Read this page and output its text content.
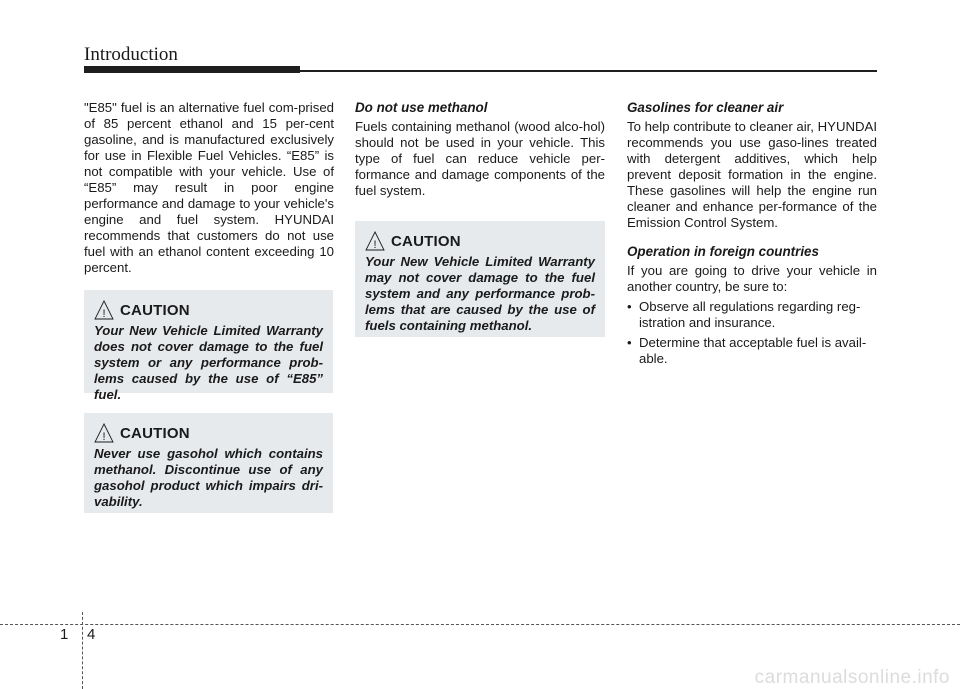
Introduction

"E85" fuel is an alternative fuel com-prised of 85 percent ethanol and 15 per-cent gasoline, and is manufactured exclusively for use in Flexible Fuel Vehicles. “E85” is not compatible with your vehicle. Use of “E85” may result in poor engine performance and damage to your vehicle's engine and fuel system. HYUNDAI recommends that customers do not use fuel with an ethanol content exceeding 10 percent.

! CAUTION

Your New Vehicle Limited Warranty does not cover damage to the fuel system or any performance prob-lems caused by the use of “E85” fuel.

! CAUTION

Never use gasohol which contains methanol. Discontinue use of any gasohol product which impairs dri-vability.

Do not use methanol

Fuels containing methanol (wood alco-hol) should not be used in your vehicle. This type of fuel can reduce vehicle per-formance and damage components of the fuel system.

! CAUTION

Your New Vehicle Limited Warranty may not cover damage to the fuel system and any performance prob-lems that are caused by the use of fuels containing methanol.

Gasolines for cleaner air

To help contribute to cleaner air, HYUNDAI recommends you use gaso-lines treated with detergent additives, which help prevent deposit formation in the engine. These gasolines will help the engine run cleaner and enhance per-formance of the Emission Control System.

Operation in foreign countries

If you are going to drive your vehicle in another country, be sure to:

• Observe all regulations regarding reg-istration and insurance.
• Determine that acceptable fuel is avail-able.
1 4
carmanualsonline.info
